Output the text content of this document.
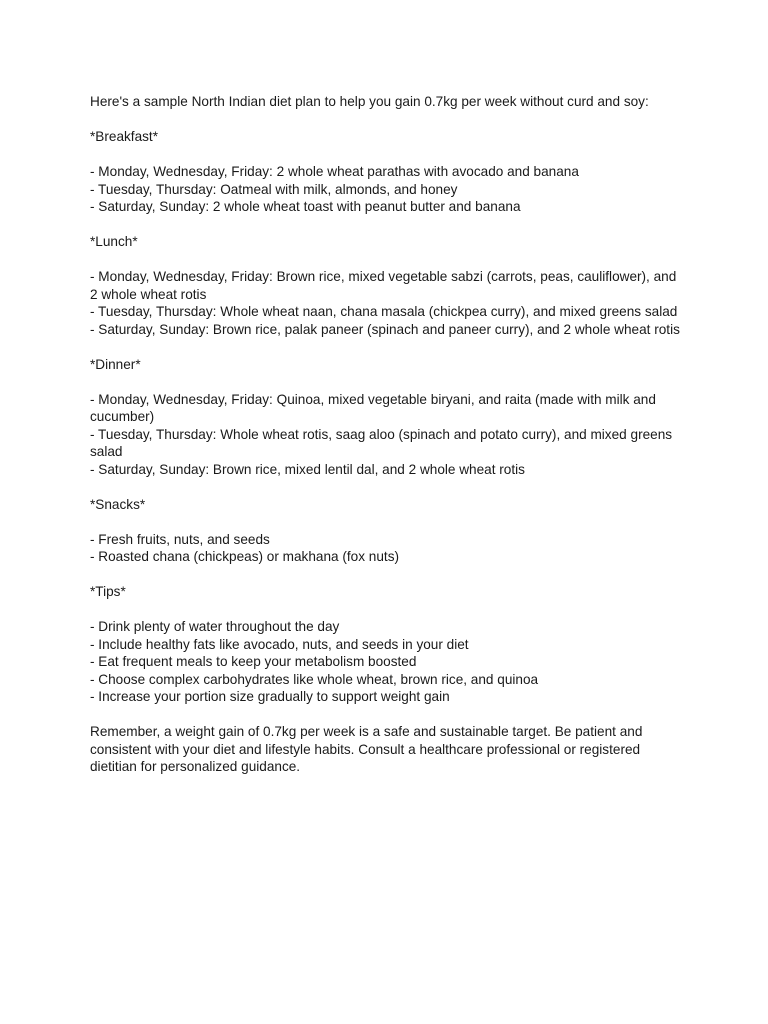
Here's a sample North Indian diet plan to help you gain 0.7kg per week without curd and soy:

*Breakfast*

- Monday, Wednesday, Friday: 2 whole wheat parathas with avocado and banana
- Tuesday, Thursday: Oatmeal with milk, almonds, and honey
- Saturday, Sunday: 2 whole wheat toast with peanut butter and banana

*Lunch*

- Monday, Wednesday, Friday: Brown rice, mixed vegetable sabzi (carrots, peas, cauliflower), and 2 whole wheat rotis
- Tuesday, Thursday: Whole wheat naan, chana masala (chickpea curry), and mixed greens salad
- Saturday, Sunday: Brown rice, palak paneer (spinach and paneer curry), and 2 whole wheat rotis

*Dinner*

- Monday, Wednesday, Friday: Quinoa, mixed vegetable biryani, and raita (made with milk and cucumber)
- Tuesday, Thursday: Whole wheat rotis, saag aloo (spinach and potato curry), and mixed greens salad
- Saturday, Sunday: Brown rice, mixed lentil dal, and 2 whole wheat rotis

*Snacks*

- Fresh fruits, nuts, and seeds
- Roasted chana (chickpeas) or makhana (fox nuts)

*Tips*

- Drink plenty of water throughout the day
- Include healthy fats like avocado, nuts, and seeds in your diet
- Eat frequent meals to keep your metabolism boosted
- Choose complex carbohydrates like whole wheat, brown rice, and quinoa
- Increase your portion size gradually to support weight gain

Remember, a weight gain of 0.7kg per week is a safe and sustainable target. Be patient and consistent with your diet and lifestyle habits. Consult a healthcare professional or registered dietitian for personalized guidance.
